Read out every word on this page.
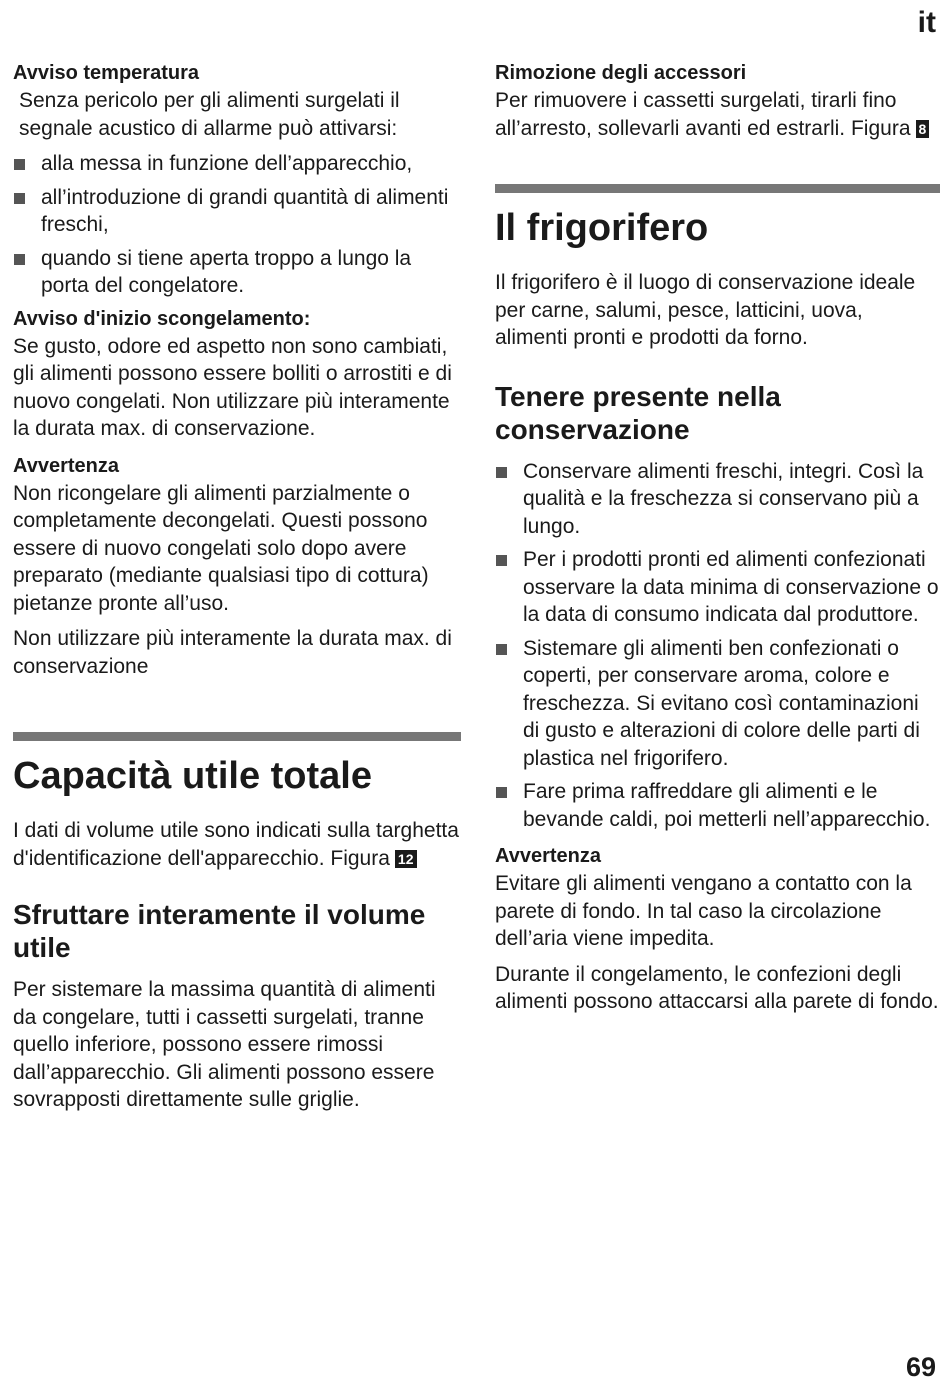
it
Avviso temperatura

Senza pericolo per gli alimenti surgelati il segnale acustico di allarme può attivarsi:

alla messa in funzione dell’apparecchio,
all’introduzione di grandi quantità di alimenti freschi,
quando si tiene aperta troppo a lungo la porta del congelatore.
Avviso d'inizio scongelamento:

Se gusto, odore ed aspetto non sono cambiati, gli alimenti possono essere bolliti o arrostiti e di nuovo congelati. Non utilizzare più interamente la durata max. di conservazione.

Avvertenza

Non ricongelare gli alimenti parzialmente o completamente decongelati. Questi possono essere di nuovo congelati solo dopo avere preparato (mediante qualsiasi tipo di cottura) pietanze pronte all’uso.

Non utilizzare più interamente la durata max. di conservazione

Capacità utile totale

I dati di volume utile sono indicati sulla targhetta d'identificazione dell'apparecchio. Figura 12

Sfruttare interamente il volume utile

Per sistemare la massima quantità di alimenti da congelare, tutti i cassetti surgelati, tranne quello inferiore, possono essere rimossi dall’apparecchio. Gli alimenti possono essere sovrapposti direttamente sulle griglie.

Rimozione degli accessori

Per rimuovere i cassetti surgelati, tirarli fino all’arresto, sollevarli avanti ed estrarli. Figura 8

Il frigorifero

Il frigorifero è il luogo di conservazione ideale per carne, salumi, pesce, latticini, uova, alimenti pronti e prodotti da forno.

Tenere presente nella conservazione
Conservare alimenti freschi, integri. Così la qualità e la freschezza si conservano più a lungo.
Per i prodotti pronti ed alimenti confezionati osservare la data minima di conservazione o la data di consumo indicata dal produttore.
Sistemare gli alimenti ben confezionati o coperti, per conservare aroma, colore e freschezza. Si evitano così contaminazioni di gusto e alterazioni di colore delle parti di plastica nel frigorifero.
Fare prima raffreddare gli alimenti e le bevande caldi, poi metterli nell’apparecchio.
Avvertenza

Evitare gli alimenti vengano a contatto con la parete di fondo. In tal caso la circolazione dell’aria viene impedita.

Durante il congelamento, le confezioni degli alimenti possono attaccarsi alla parete di fondo.

69
